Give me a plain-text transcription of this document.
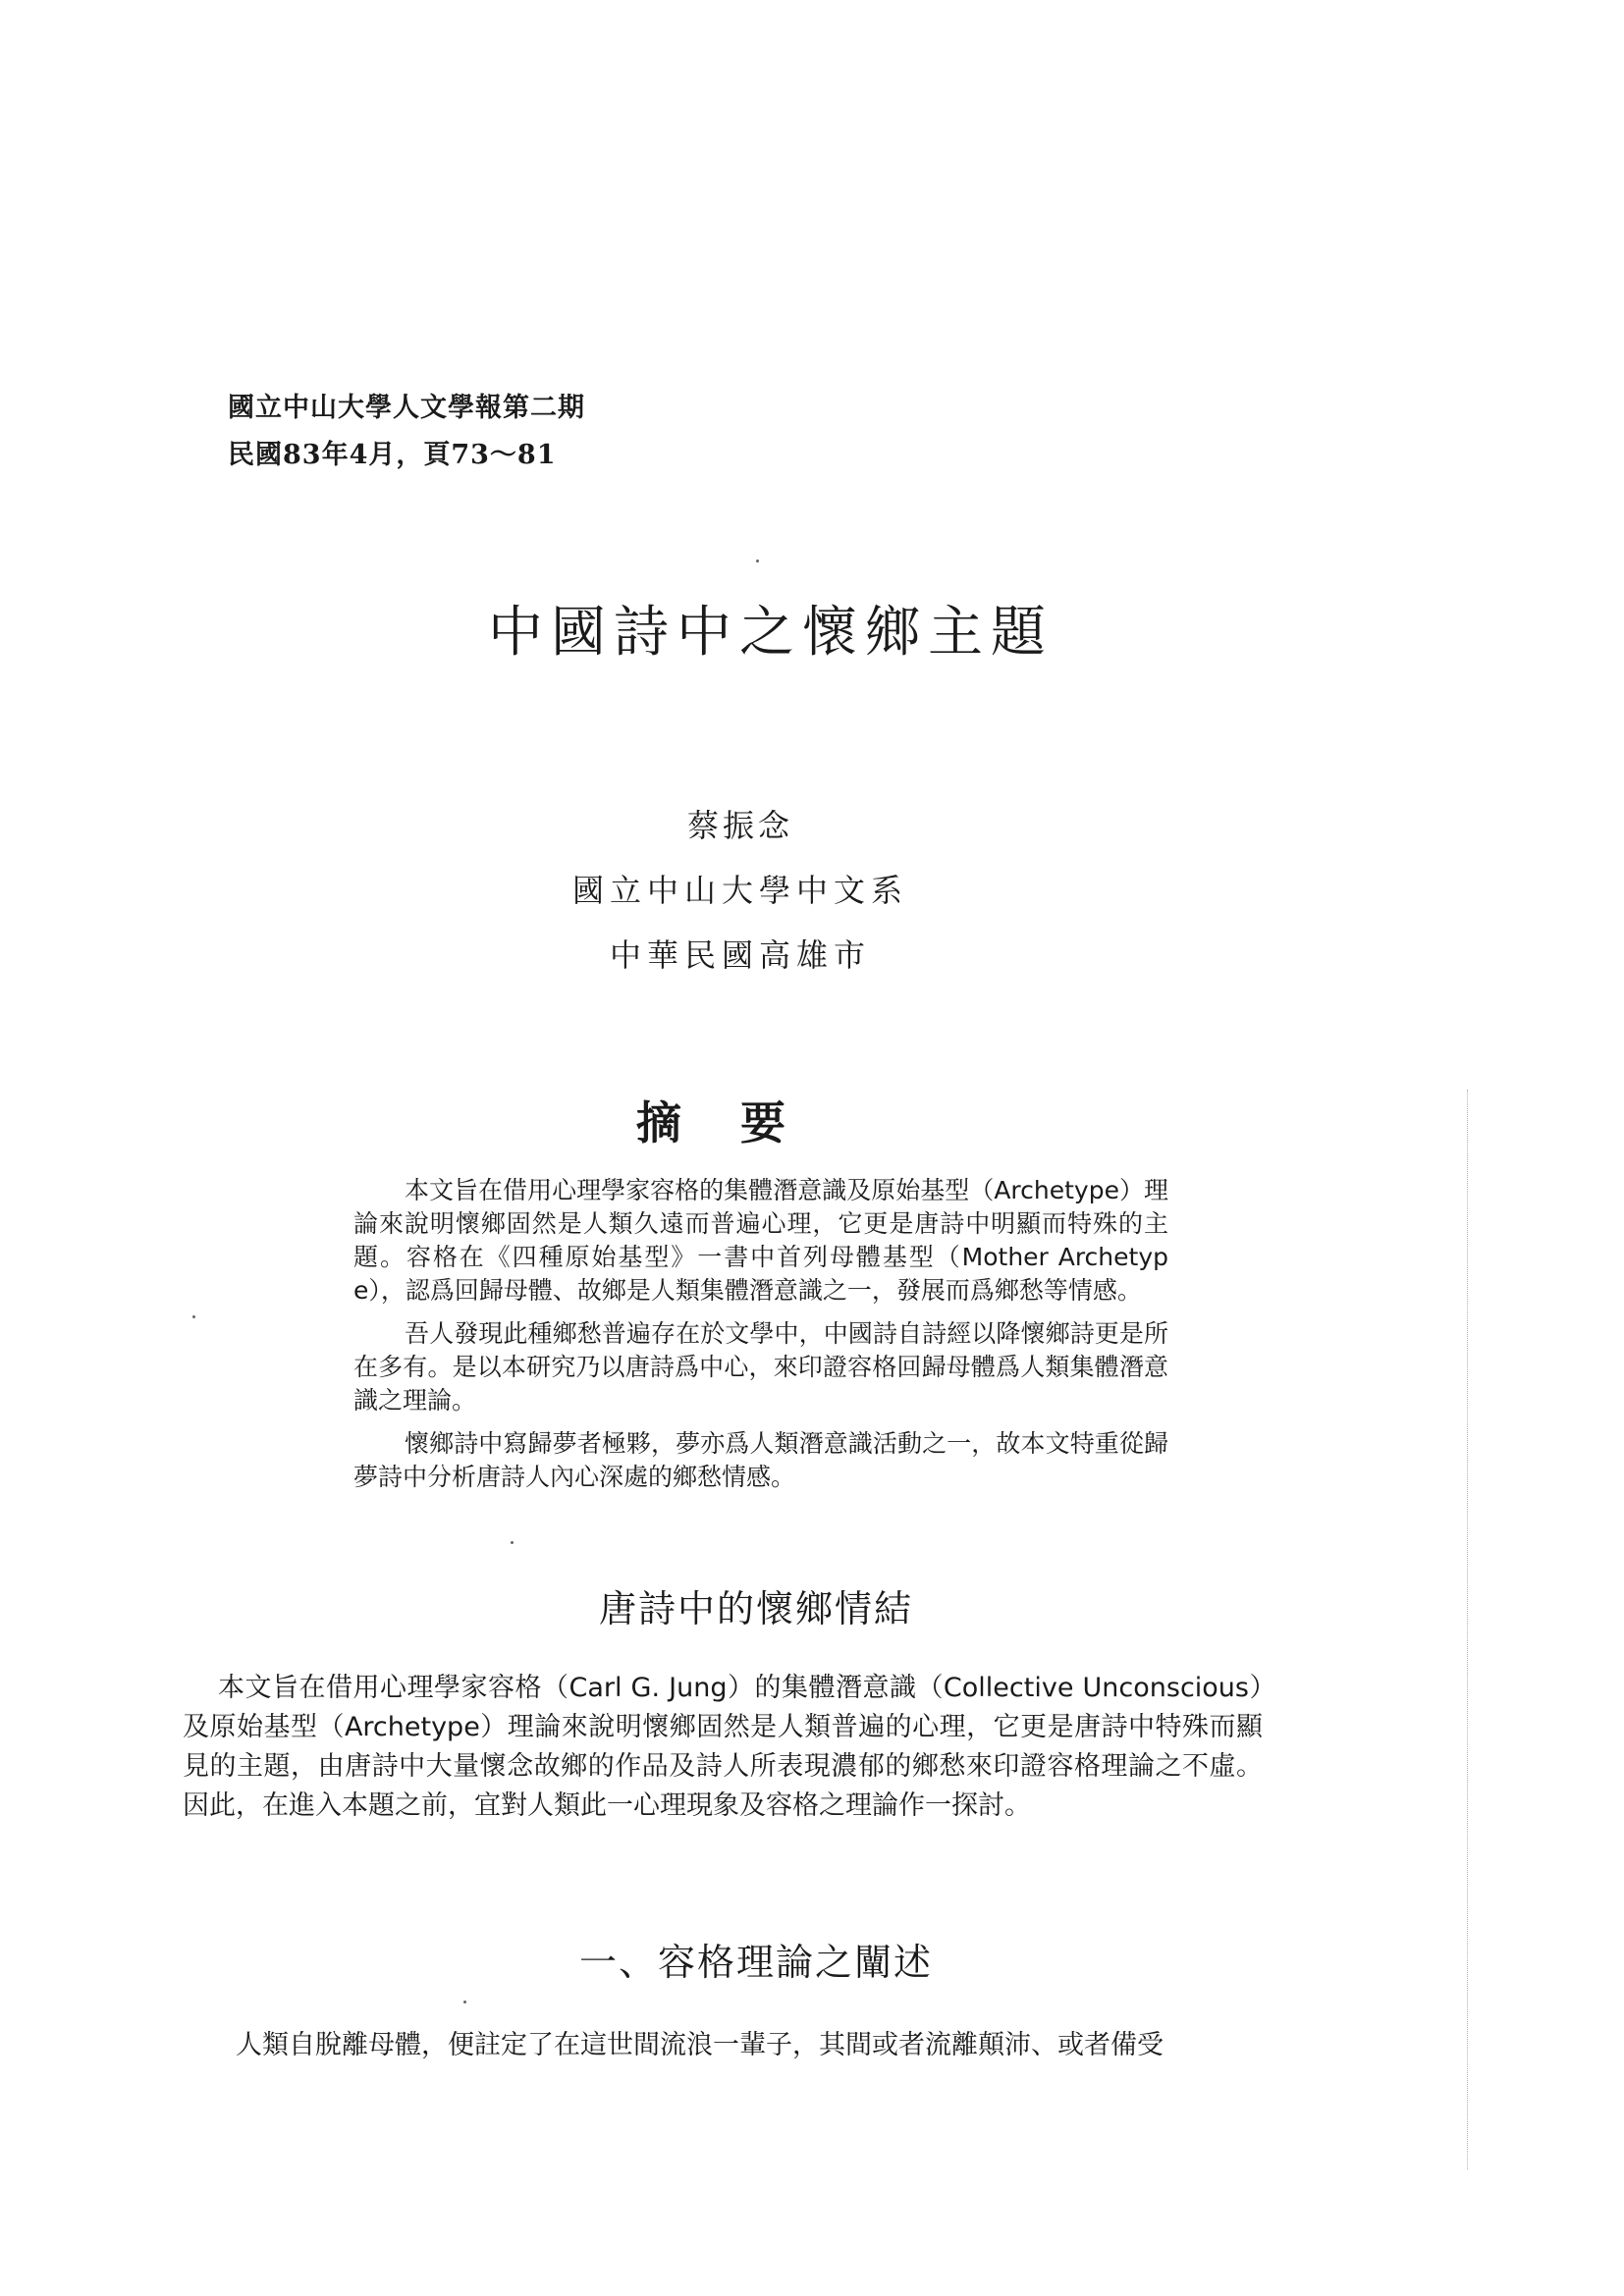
國立中山大學人文學報第二期
民國83年4月，頁73～81
中國詩中之懷鄉主題
蔡振念
國立中山大學中文系
中華民國高雄市
摘要

本文旨在借用心理學家容格的集體潛意識及原始基型（Archetype）理論來說明懷鄉固然是人類久遠而普遍心理，它更是唐詩中明顯而特殊的主題。容格在《四種原始基型》一書中首列母體基型（Mother Archetype），認爲回歸母體、故鄉是人類集體潛意識之一，發展而爲鄉愁等情感。

吾人發現此種鄉愁普遍存在於文學中，中國詩自詩經以降懷鄉詩更是所在多有。是以本研究乃以唐詩爲中心，來印證容格回歸母體爲人類集體潛意識之理論。

懷鄉詩中寫歸夢者極夥，夢亦爲人類潛意識活動之一，故本文特重從歸夢詩中分析唐詩人內心深處的鄉愁情感。

唐詩中的懷鄉情結

本文旨在借用心理學家容格（Carl G. Jung）的集體潛意識（Collective Unconscious）及原始基型（Archetype）理論來說明懷鄉固然是人類普遍的心理，它更是唐詩中特殊而顯見的主題，由唐詩中大量懷念故鄉的作品及詩人所表現濃郁的鄉愁來印證容格理論之不虛。因此，在進入本題之前，宜對人類此一心理現象及容格之理論作一探討。

一、容格理論之闡述

人類自脫離母體，便註定了在這世間流浪一輩子，其間或者流離顛沛、或者備受
